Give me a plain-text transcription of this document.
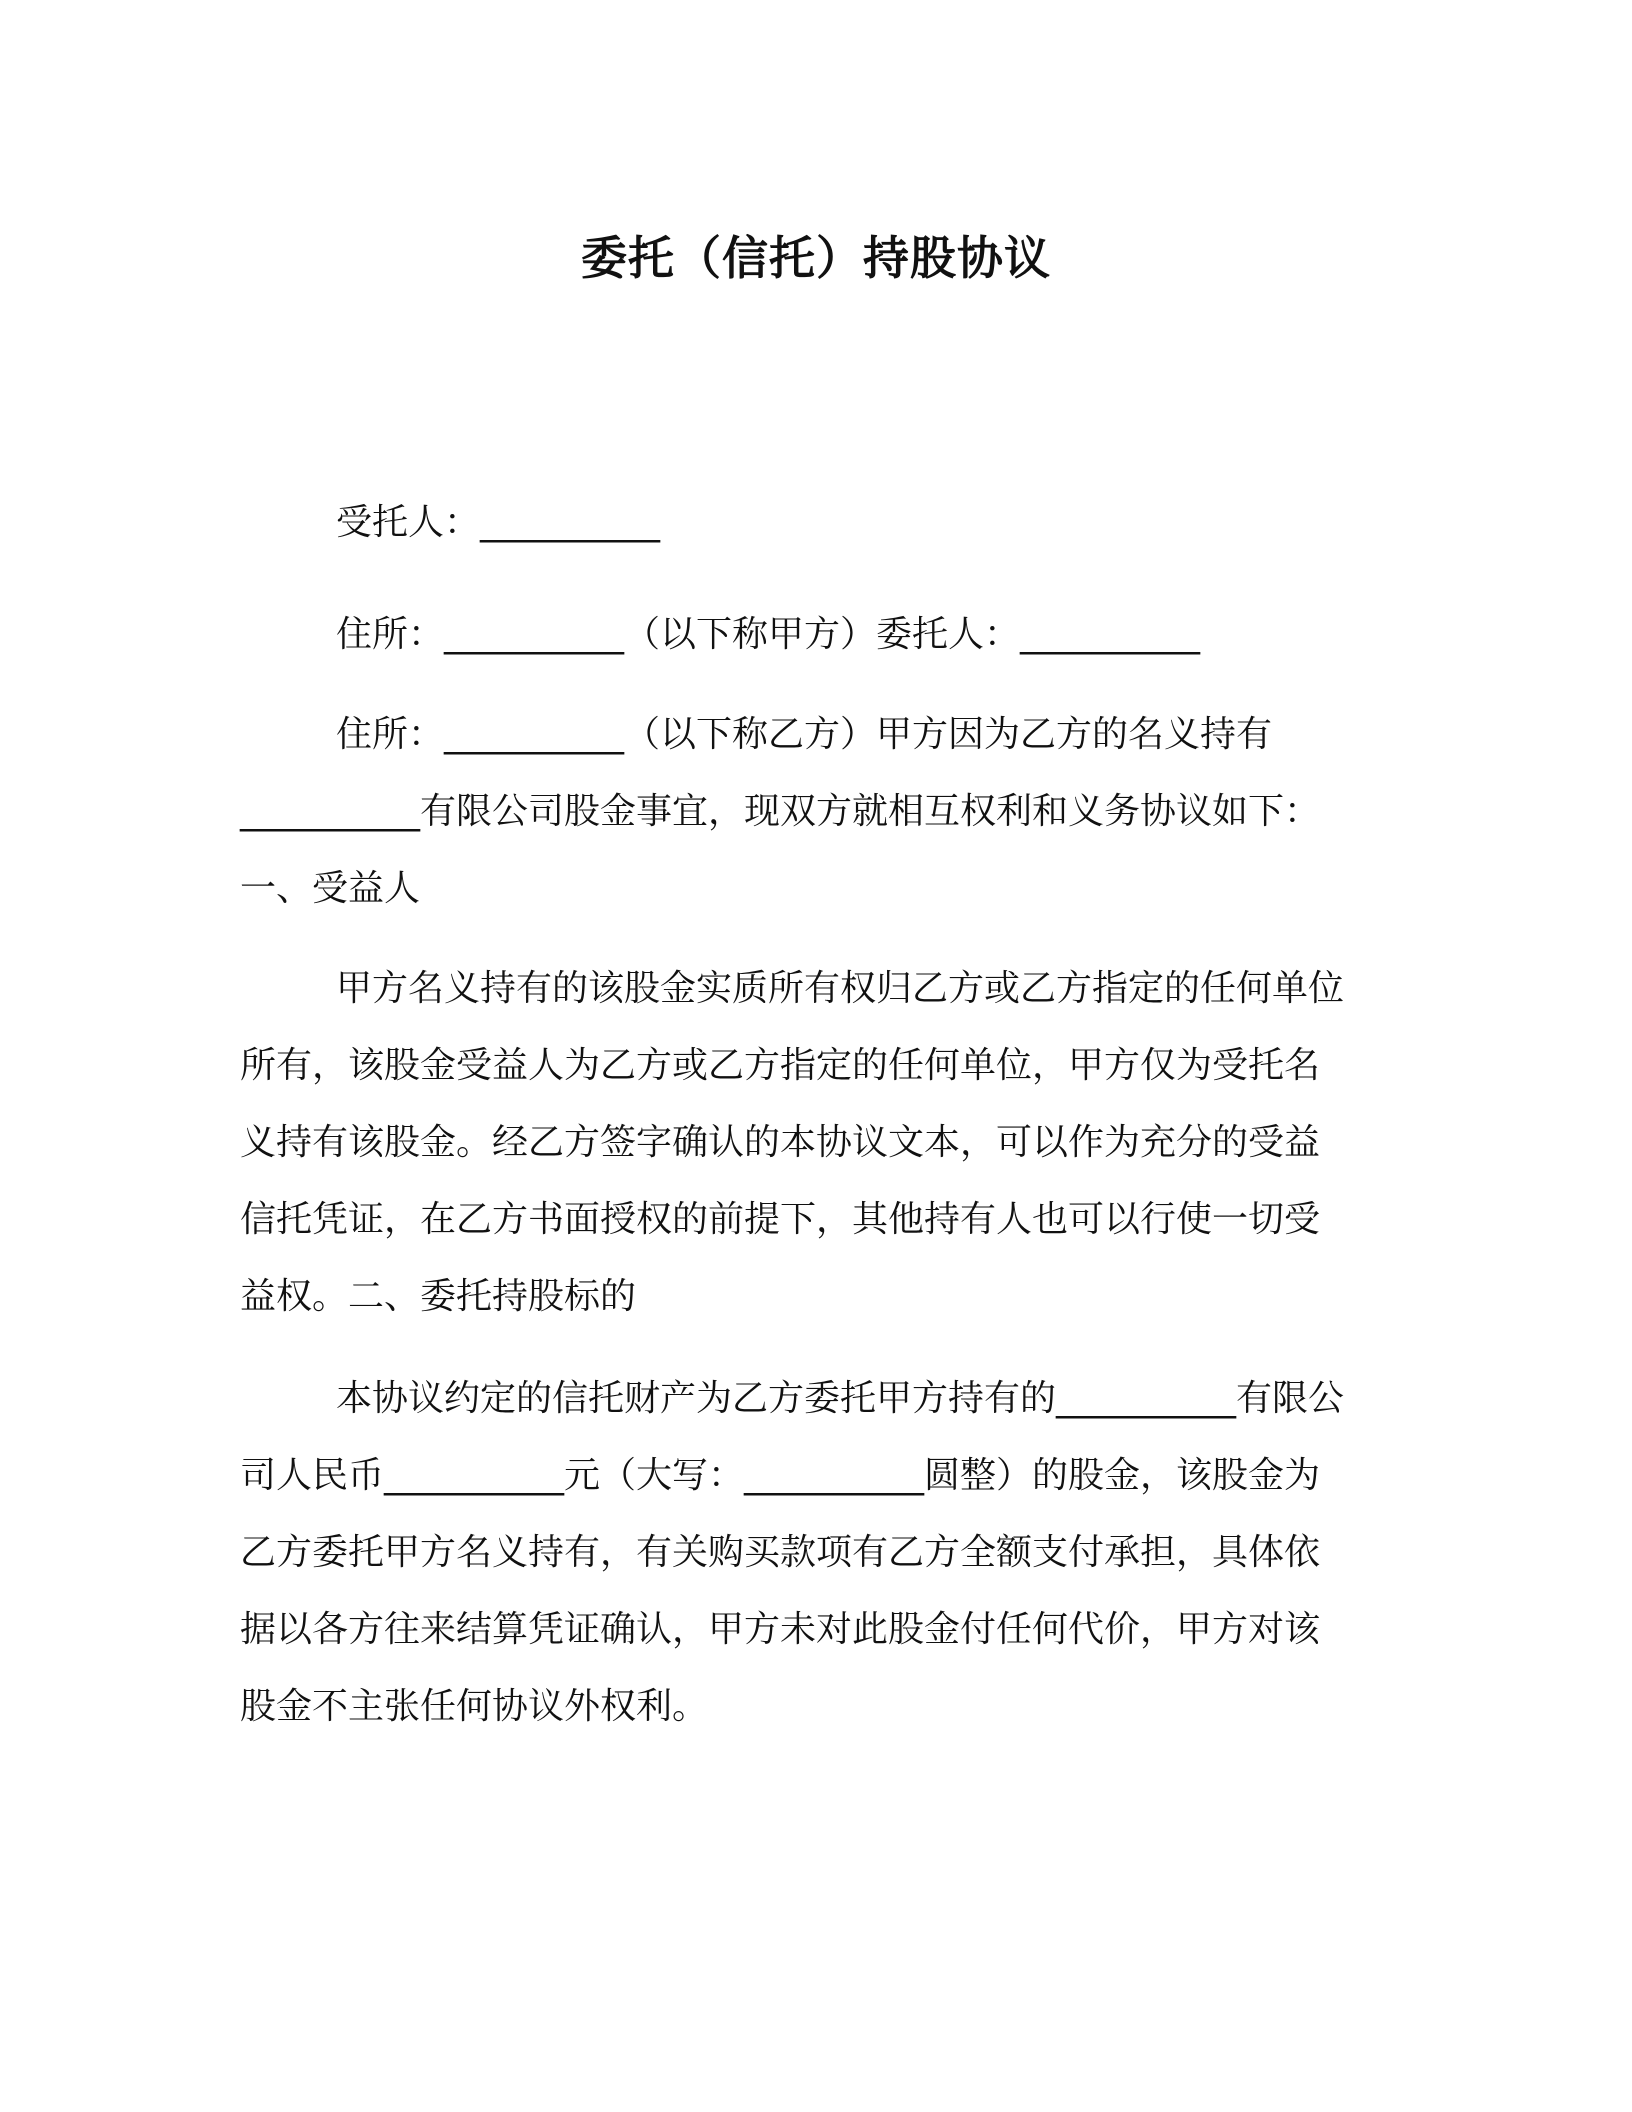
委托（信托）持股协议
受托人：__________
住所：__________（以下称甲方）委托人：__________
住所：__________（以下称乙方）甲方因为乙方的名义持有
__________有限公司股金事宜，现双方就相互权利和义务协议如下：
一、受益人
甲方名义持有的该股金实质所有权归乙方或乙方指定的任何单位
所有，该股金受益人为乙方或乙方指定的任何单位，甲方仅为受托名
义持有该股金。经乙方签字确认的本协议文本，可以作为充分的受益
信托凭证，在乙方书面授权的前提下，其他持有人也可以行使一切受
益权。二、委托持股标的
本协议约定的信托财产为乙方委托甲方持有的__________有限公
司人民币__________元（大写：__________圆整）的股金，该股金为
乙方委托甲方名义持有，有关购买款项有乙方全额支付承担，具体依
据以各方往来结算凭证确认，甲方未对此股金付任何代价，甲方对该
股金不主张任何协议外权利。
